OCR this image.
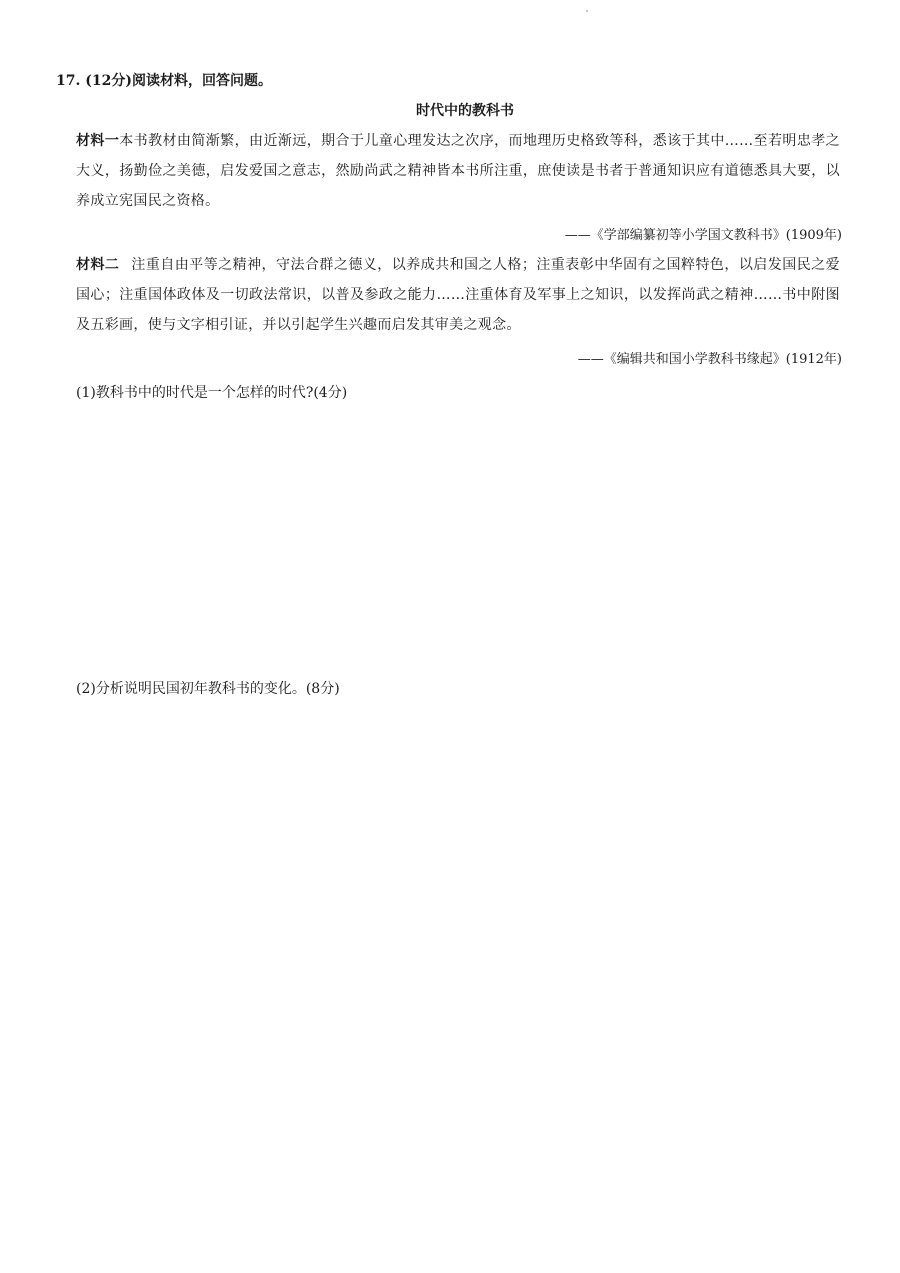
17. (12分)阅读材料，回答问题。
时代中的教科书
材料一本书教材由简渐繁，由近渐远，期合于儿童心理发达之次序，而地理历史格致等科，悉该于其中……至若明忠孝之大义，扬勤俭之美德，启发爱国之意志，然励尚武之精神皆本书所注重，庶使读是书者于普通知识应有道德悉具大要，以养成立宪国民之资格。
——《学部编纂初等小学国文教科书》(1909年)
材料二 注重自由平等之精神，守法合群之德义，以养成共和国之人格；注重表彰中华固有之国粹特色，以启发国民之爱国心；注重国体政体及一切政法常识，以普及参政之能力……注重体育及军事上之知识，以发挥尚武之精神……书中附图及五彩画，使与文字相引证，并以引起学生兴趣而启发其审美之观念。
——《编辑共和国小学教科书缘起》(1912年)
(1)教科书中的时代是一个怎样的时代?(4分)
(2)分析说明民国初年教科书的变化。(8分)
